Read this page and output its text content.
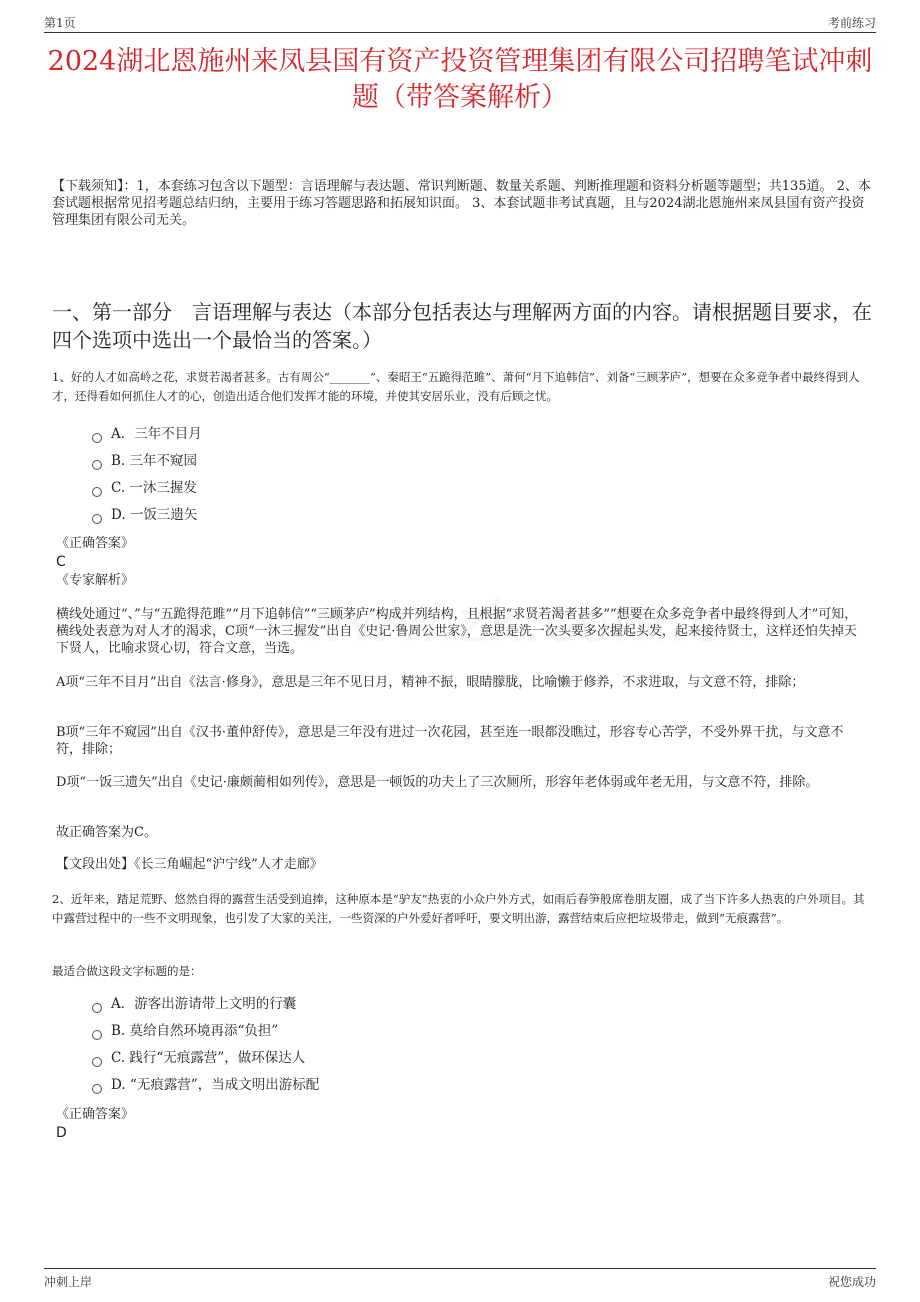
第1页	考前练习
2024湖北恩施州来凤县国有资产投资管理集团有限公司招聘笔试冲刺题（带答案解析）
【下载须知】：1，本套练习包含以下题型：言语理解与表达题、常识判断题、数量关系题、判断推理题和资料分析题等题型；共135道。 2、本套试题根据常见招考题总结归纳，主要用于练习答题思路和拓展知识面。 3、本套试题非考试真题，且与2024湖北恩施州来凤县国有资产投资管理集团有限公司无关。
一、第一部分　言语理解与表达（本部分包括表达与理解两方面的内容。请根据题目要求，在四个选项中选出一个最恰当的答案。）
1、好的人才如高岭之花，求贤若渴者甚多。古有周公“_______”、秦昭王“五跪得范雎”、萧何“月下追韩信”、刘备“三顾茅庐”，想要在众多竞争者中最终得到人才，还得看如何抓住人才的心，创造出适合他们发挥才能的环境，并使其安居乐业，没有后顾之忧。
A．三年不目月
B. 三年不窥园
C. 一沐三握发
D. 一饭三遗矢
《正确答案》
C
《专家解析》
横线处通过“、”与“五跪得范雎”“月下追韩信”“三顾茅庐”构成并列结构，且根据“求贤若渴者甚多”“想要在众多竞争者中最终得到人才”可知，横线处表意为对人才的渴求，C项“一沐三握发”出自《史记·鲁周公世家》，意思是洗一次头要多次握起头发，起来接待贤士，这样还怕失掉天下贤人，比喻求贤心切，符合文意，当选。
A项“三年不目月”出自《法言·修身》，意思是三年不见日月，精神不振，眼睛朦胧，比喻懒于修养，不求进取，与文意不符，排除；
B项“三年不窥园”出自《汉书·董仲舒传》，意思是三年没有进过一次花园，甚至连一眼都没瞧过，形容专心苦学，不受外界干扰，与文意不符，排除；
D项“一饭三遗矢”出自《史记·廉颇蔺相如列传》，意思是一顿饭的功夫上了三次厕所，形容年老体弱或年老无用，与文意不符，排除。
故正确答案为C。
【文段出处】《长三角崛起“沪宁线”人才走廊》
2、近年来，踏足荒野、悠然自得的露营生活受到追捧，这种原本是“驴友”热衷的小众户外方式，如雨后春笋般席卷朋友圈，成了当下许多人热衷的户外项目。其中露营过程中的一些不文明现象，也引发了大家的关注，一些资深的户外爱好者呼吁，要文明出游，露营结束后应把垃圾带走，做到“无痕露营”。
最适合做这段文字标题的是：
A．游客出游请带上文明的行囊
B. 莫给自然环境再添“负担”
C. 践行“无痕露营”，做环保达人
D. “无痕露营”，当成文明出游标配
《正确答案》
D
冲刺上岸	祝您成功
